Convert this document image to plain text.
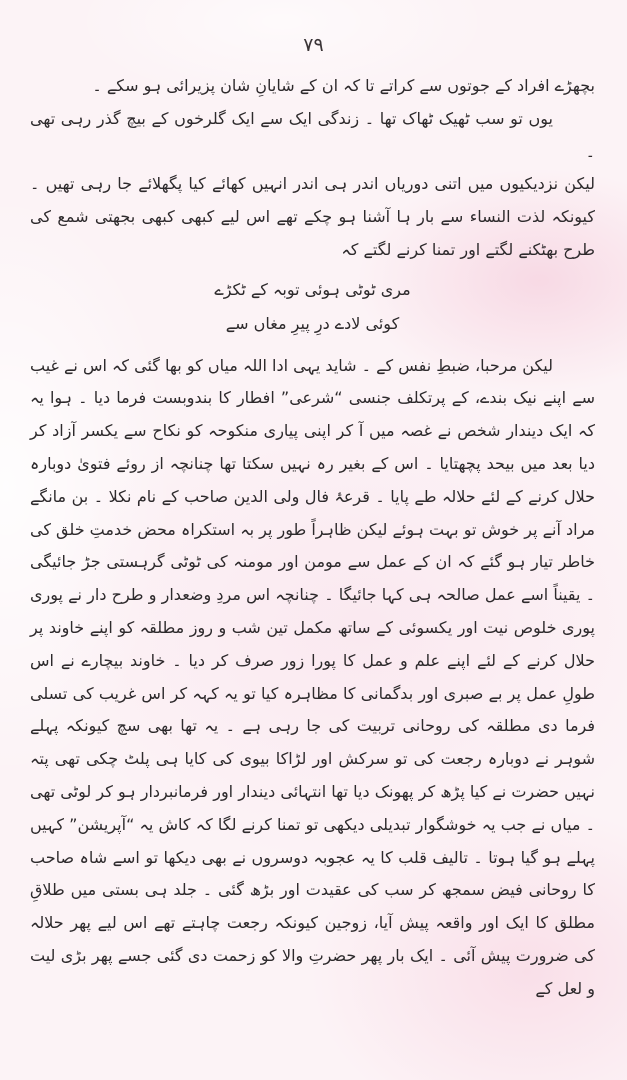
۷۹

بچھڑے افراد کے جوتوں سے کراتے تا کہ ان کے شایانِ شان پزیرائی ہو سکے ۔

یوں تو سب ٹھیک ٹھاک تھا ۔ زندگی ایک سے ایک گلرخوں کے بیچ گذر رہی تھی ۔

لیکن نزدیکیوں میں اتنی دوریاں اندر ہی اندر انہیں کھائے کیا پگھلائے جا رہی تھیں ۔ کیونکہ لذت النساء سے بار ہا آشنا ہو چکے تھے اس لیے کبھی کبھی بجھتی شمع کی طرح بھٹکنے لگتے اور تمنا کرنے لگتے کہ

مری ٹوٹی ہوئی توبہ کے ٹکڑے

کوئی لادے درِ پیرِ مغاں سے

لیکن مرحبا، ضبطِ نفس کے ۔ شاید یہی ادا اللہ میاں کو بھا گئی کہ اس نے غیب سے اپنے نیک بندے، کے پرتکلف جنسی “شرعی” افطار کا بندوبست فرما دیا ۔ ہوا یہ کہ ایک دیندار شخص نے غصہ میں آ کر اپنی پیاری منکوحہ کو نکاح سے یکسر آزاد کر دیا بعد میں بیحد پچھتایا ۔ اس کے بغیر رہ نہیں سکتا تھا چنانچہ از روئے فتویٰ دوبارہ حلال کرنے کے لئے حلالہ طے پایا ۔ قرعۂ فال ولی الدین صاحب کے نام نکلا ۔ بن مانگے مراد آنے پر خوش تو بہت ہوئے لیکن ظاہراً طور پر بہ استکراہ محض خدمتِ خلق کی خاطر تیار ہو گئے کہ ان کے عمل سے مومن اور مومنہ کی ٹوٹی گرہستی جڑ جائیگی ۔ یقیناً اسے عمل صالحہ ہی کہا جائیگا ۔ چنانچہ اس مردِ وضعدار و طرح دار نے پوری پوری خلوص نیت اور یکسوئی کے ساتھ مکمل تین شب و روز مطلقہ کو اپنے خاوند پر حلال کرنے کے لئے اپنے علم و عمل کا پورا زور صرف کر دیا ۔ خاوند بیچارے نے اس طولِ عمل پر بے صبری اور بدگمانی کا مظاہرہ کیا تو یہ کہہ کر اس غریب کی تسلی فرما دی مطلقہ کی روحانی تربیت کی جا رہی ہے ۔ یہ تھا بھی سچ کیونکہ پہلے شوہر نے دوبارہ رجعت کی تو سرکش اور لڑاکا بیوی کی کایا ہی پلٹ چکی تھی پتہ نہیں حضرت نے کیا پڑھ کر پھونک دیا تھا انتہائی دیندار اور فرمانبردار ہو کر لوٹی تھی ۔ میاں نے جب یہ خوشگوار تبدیلی دیکھی تو تمنا کرنے لگا کہ کاش یہ “آپریشن” کہیں پہلے ہو گیا ہوتا ۔ تالیف قلب کا یہ عجوبہ دوسروں نے بھی دیکھا تو اسے شاہ صاحب کا روحانی فیض سمجھ کر سب کی عقیدت اور بڑھ گئی ۔ جلد ہی بستی میں طلاقِ مطلق کا ایک اور واقعہ پیش آیا، زوجین کیونکہ رجعت چاہتے تھے اس لیے پھر حلالہ کی ضرورت پیش آئی ۔ ایک بار پھر حضرتِ والا کو زحمت دی گئی جسے پھر بڑی لیت و لعل کے
